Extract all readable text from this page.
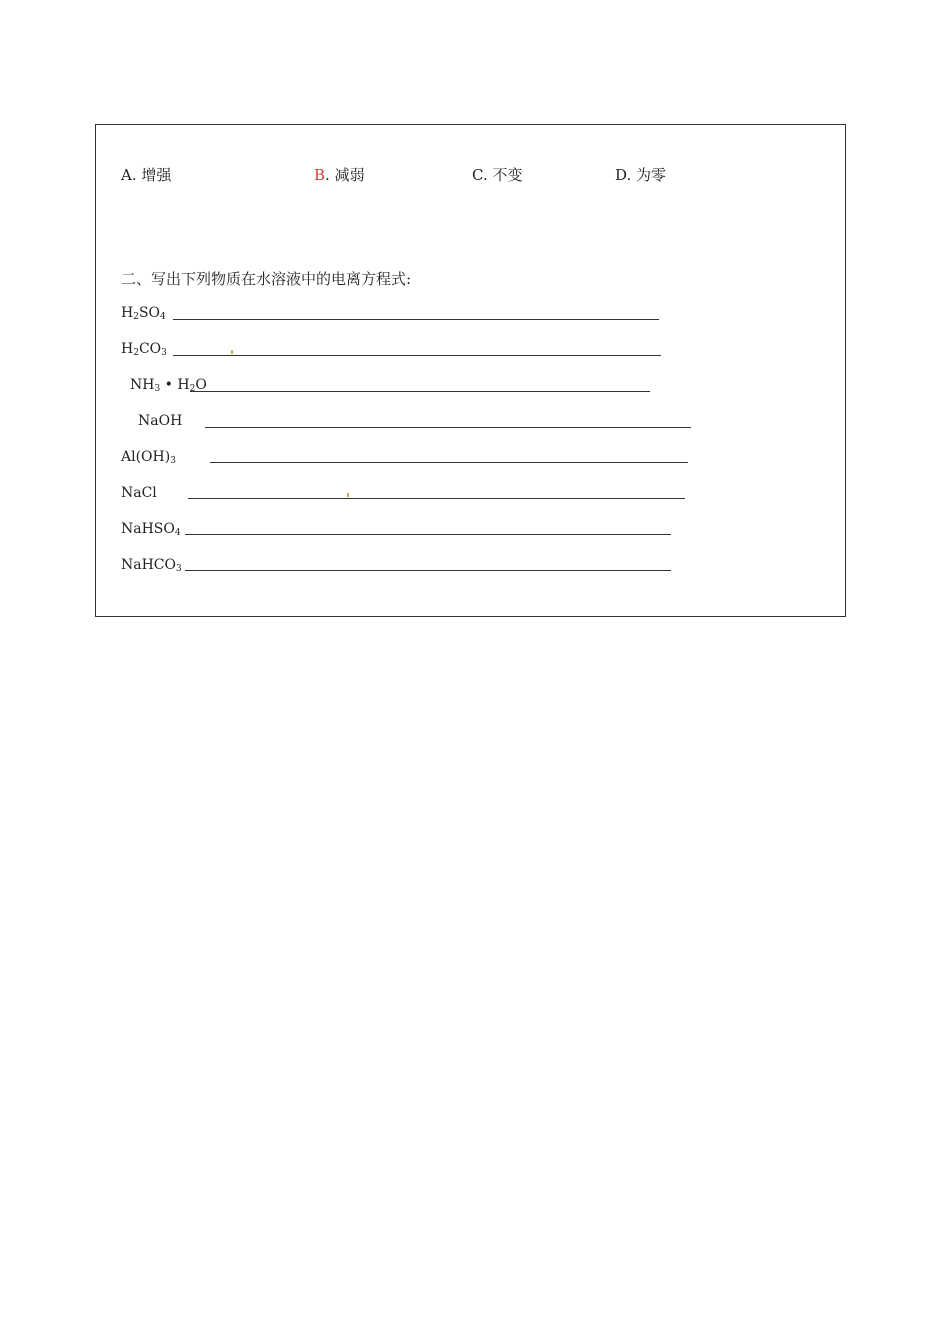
A. 增强	B. 减弱	C. 不变	D. 为零
二、写出下列物质在水溶液中的电离方程式:
$H_2SO_4$
$H_2CO_3$
$NH_3$ • $H_2O$
NaOH
$Al(OH)_3$
NaCl
NaHSO$_4$
NaHCO$_3$
